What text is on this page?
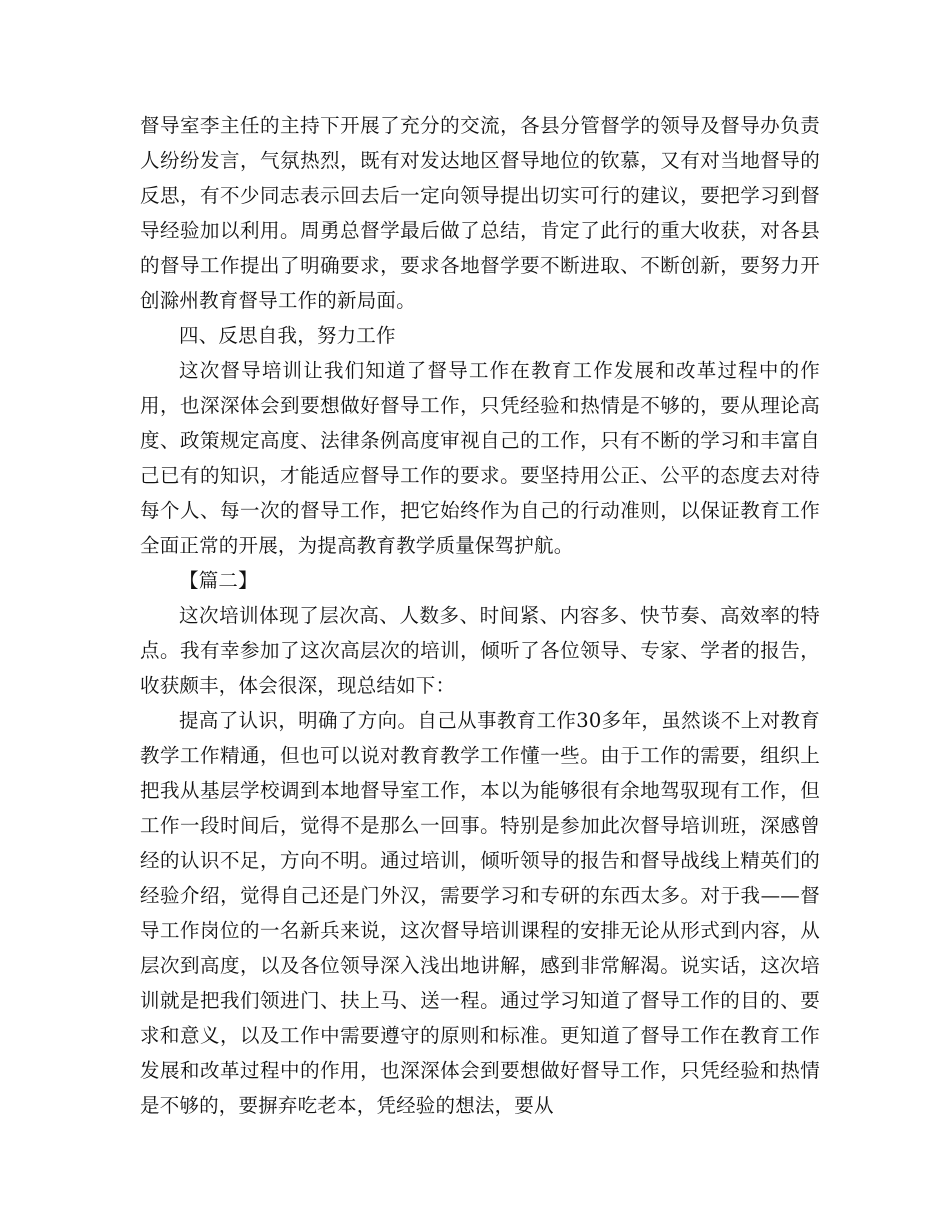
督导室李主任的主持下开展了充分的交流，各县分管督学的领导及督导办负责人纷纷发言，气氛热烈，既有对发达地区督导地位的钦慕，又有对当地督导的反思，有不少同志表示回去后一定向领导提出切实可行的建议，要把学习到督导经验加以利用。周勇总督学最后做了总结，肯定了此行的重大收获，对各县的督导工作提出了明确要求，要求各地督学要不断进取、不断创新，要努力开创滁州教育督导工作的新局面。

四、反思自我，努力工作

这次督导培训让我们知道了督导工作在教育工作发展和改革过程中的作用，也深深体会到要想做好督导工作，只凭经验和热情是不够的，要从理论高度、政策规定高度、法律条例高度审视自己的工作，只有不断的学习和丰富自己已有的知识，才能适应督导工作的要求。要坚持用公正、公平的态度去对待每个人、每一次的督导工作，把它始终作为自己的行动准则，以保证教育工作全面正常的开展，为提高教育教学质量保驾护航。

【篇二】

这次培训体现了层次高、人数多、时间紧、内容多、快节奏、高效率的特点。我有幸参加了这次高层次的培训，倾听了各位领导、专家、学者的报告，收获颇丰，体会很深，现总结如下：

提高了认识，明确了方向。自己从事教育工作30多年，虽然谈不上对教育教学工作精通，但也可以说对教育教学工作懂一些。由于工作的需要，组织上把我从基层学校调到本地督导室工作，本以为能够很有余地驾驭现有工作，但工作一段时间后，觉得不是那么一回事。特别是参加此次督导培训班，深感曾经的认识不足，方向不明。通过培训，倾听领导的报告和督导战线上精英们的经验介绍，觉得自己还是门外汉，需要学习和专研的东西太多。对于我——督导工作岗位的一名新兵来说，这次督导培训课程的安排无论从形式到内容，从层次到高度，以及各位领导深入浅出地讲解，感到非常解渴。说实话，这次培训就是把我们领进门、扶上马、送一程。通过学习知道了督导工作的目的、要求和意义，以及工作中需要遵守的原则和标准。更知道了督导工作在教育工作发展和改革过程中的作用，也深深体会到要想做好督导工作，只凭经验和热情是不够的，要摒弃吃老本，凭经验的想法，要从
